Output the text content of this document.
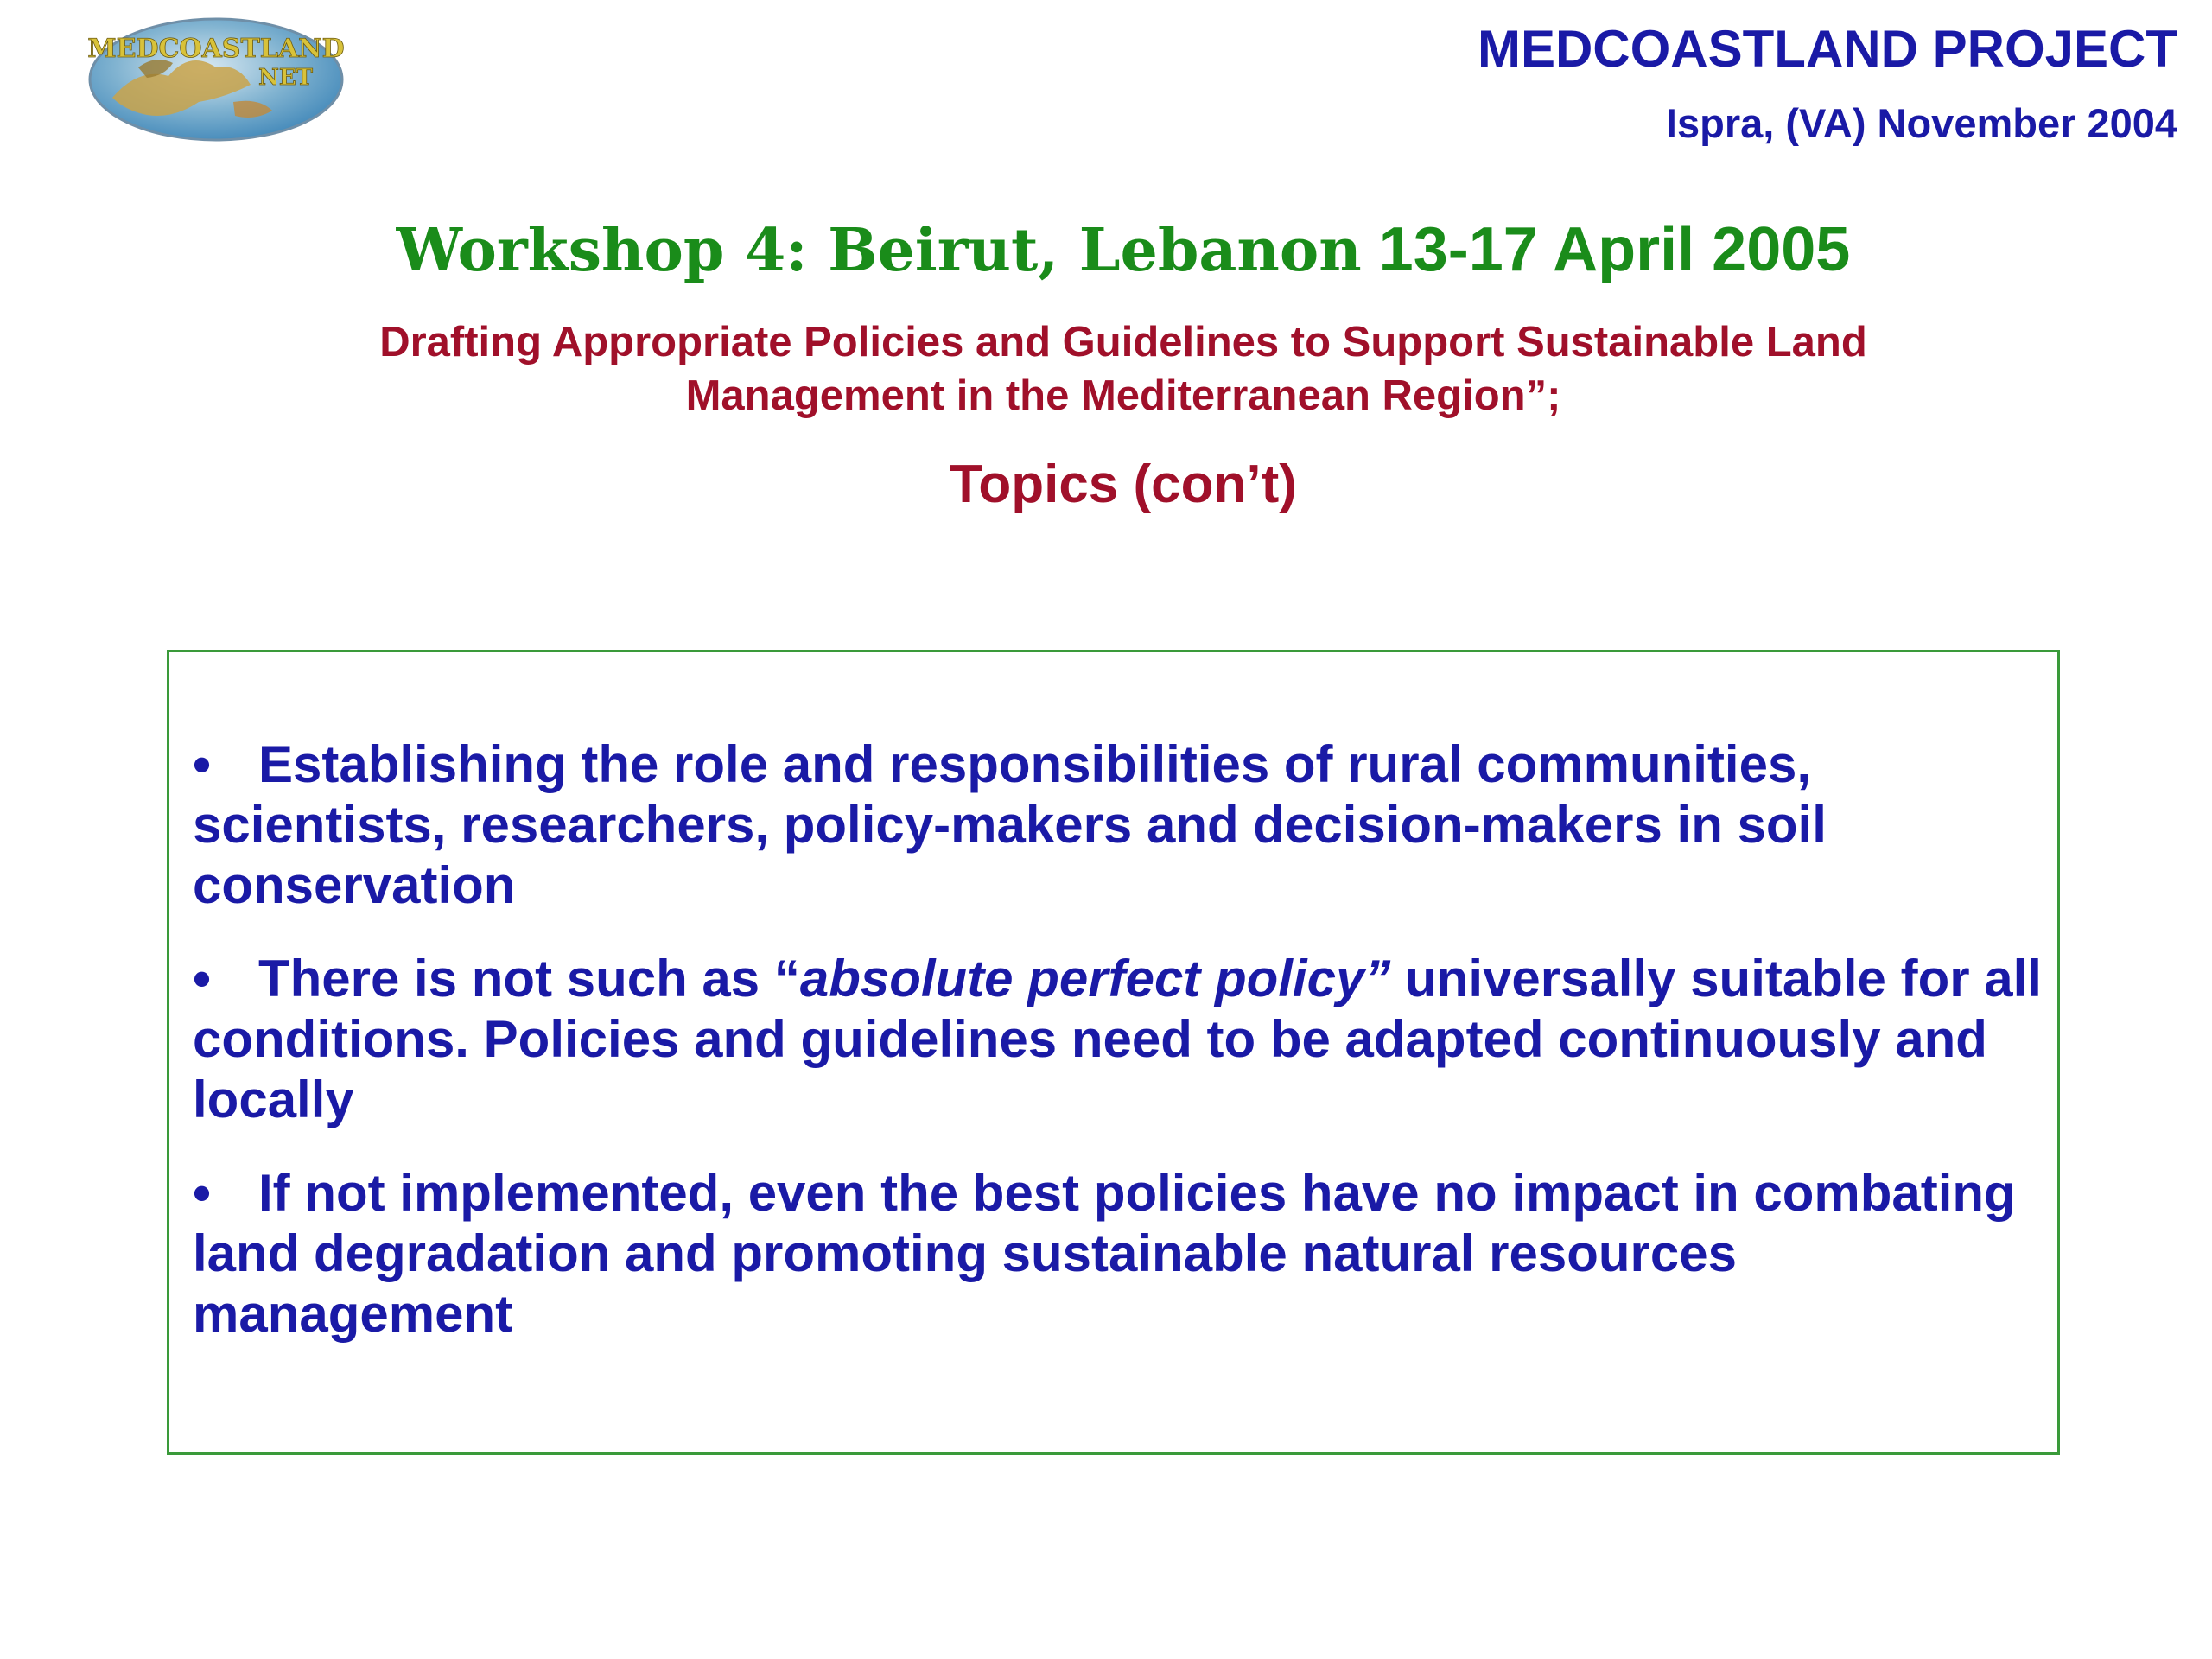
MEDCOASTLAND
NET	MEDCOASTLAND PROJECT
Ispra, (VA) November 2004
Workshop 4: Beirut, Lebanon 13-17 April 2005
Drafting Appropriate Policies and Guidelines to Support Sustainable Land
Management in the Mediterranean Region”;
Topics (con’t)
• Establishing the role and responsibilities of rural communities, scientists, researchers, policy-makers and decision-makers in soil conservation
• There is not such as “absolute perfect policy” universally suitable for all conditions. Policies and guidelines need to be adapted continuously and locally
• If not implemented, even the best policies have no impact in combating land degradation and promoting sustainable natural resources management
